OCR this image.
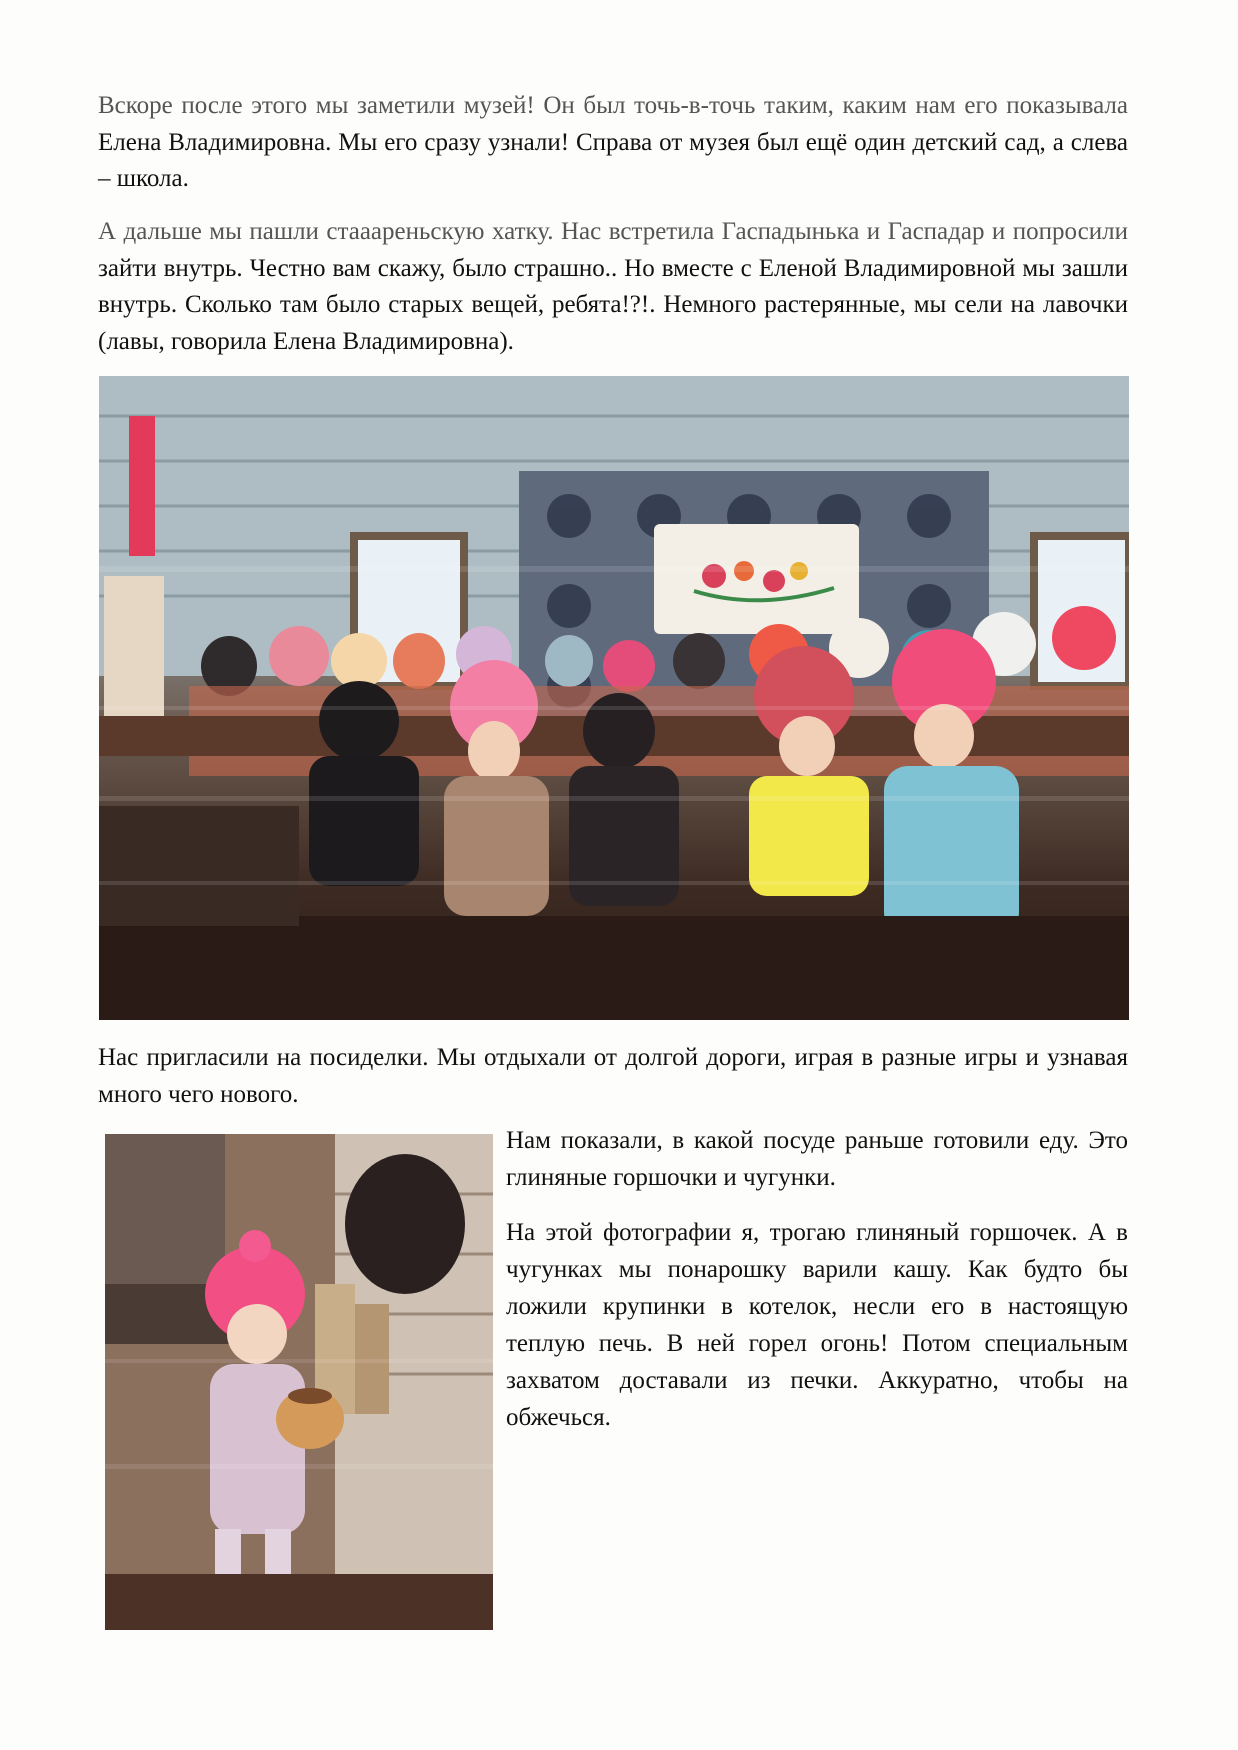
Вскоре после этого мы заметили музей! Он был точь-в-точь таким, каким нам его показывала Елена Владимировна. Мы его сразу узнали! Справа от музея был ещё один детский сад, а слева – школа.

А дальше мы пашли стааареньскую хатку. Нас встретила Гаспадынька и Гаспадар и попросили зайти внутрь. Честно вам скажу, было страшно.. Но вместе с Еленой Владимировной мы зашли внутрь. Сколько там было старых вещей, ребята!?!. Немного растерянные, мы сели на лавочки (лавы, говорила Елена Владимировна).

Нас пригласили на посиделки. Мы отдыхали от долгой дороги, играя в разные игры и узнавая много чего нового.

Нам показали, в какой посуде раньше готовили еду. Это глиняные горшочки и чугунки.

На этой фотографии я, трогаю глиняный горшочек. А в чугунках мы понарошку варили кашу. Как будто бы ложили крупинки в котелок, несли его в настоящую теплую печь. В ней горел огонь! Потом специальным захватом доставали из печки. Аккуратно, чтобы на обжечься.
